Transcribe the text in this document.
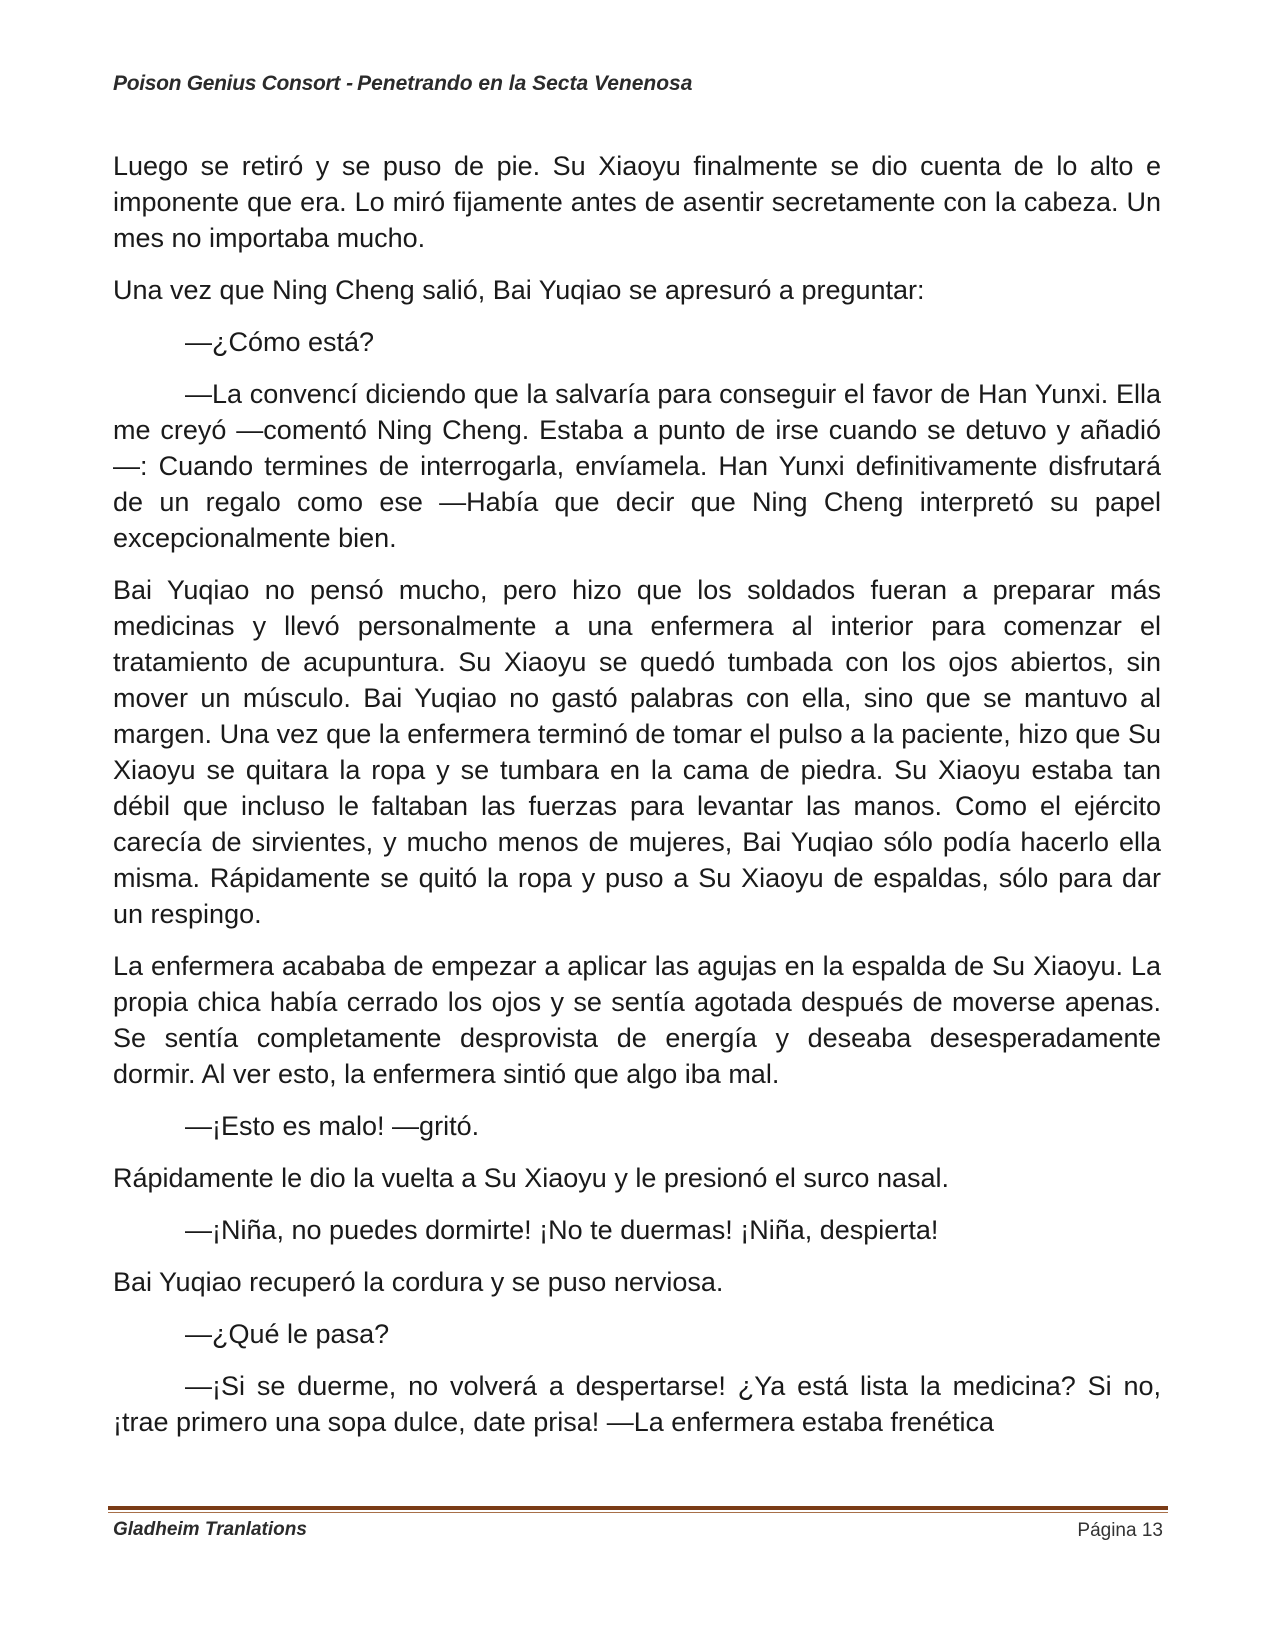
Poison Genius Consort - Penetrando en la Secta Venenosa

Luego se retiró y se puso de pie. Su Xiaoyu finalmente se dio cuenta de lo alto e imponente que era. Lo miró fijamente antes de asentir secretamente con la cabeza. Un mes no importaba mucho.

Una vez que Ning Cheng salió, Bai Yuqiao se apresuró a preguntar:

—¿Cómo está?

—La convencí diciendo que la salvaría para conseguir el favor de Han Yunxi. Ella me creyó —comentó Ning Cheng. Estaba a punto de irse cuando se detuvo y añadió—: Cuando termines de interrogarla, envíamela. Han Yunxi definitivamente disfrutará de un regalo como ese —Había que decir que Ning Cheng interpretó su papel excepcionalmente bien.

Bai Yuqiao no pensó mucho, pero hizo que los soldados fueran a preparar más medicinas y llevó personalmente a una enfermera al interior para comenzar el tratamiento de acupuntura. Su Xiaoyu se quedó tumbada con los ojos abiertos, sin mover un músculo. Bai Yuqiao no gastó palabras con ella, sino que se mantuvo al margen. Una vez que la enfermera terminó de tomar el pulso a la paciente, hizo que Su Xiaoyu se quitara la ropa y se tumbara en la cama de piedra. Su Xiaoyu estaba tan débil que incluso le faltaban las fuerzas para levantar las manos. Como el ejército carecía de sirvientes, y mucho menos de mujeres, Bai Yuqiao sólo podía hacerlo ella misma. Rápidamente se quitó la ropa y puso a Su Xiaoyu de espaldas, sólo para dar un respingo.

La enfermera acababa de empezar a aplicar las agujas en la espalda de Su Xiaoyu. La propia chica había cerrado los ojos y se sentía agotada después de moverse apenas. Se sentía completamente desprovista de energía y deseaba desesperadamente dormir. Al ver esto, la enfermera sintió que algo iba mal.

—¡Esto es malo! —gritó.

Rápidamente le dio la vuelta a Su Xiaoyu y le presionó el surco nasal.

—¡Niña, no puedes dormirte! ¡No te duermas! ¡Niña, despierta!

Bai Yuqiao recuperó la cordura y se puso nerviosa.

—¿Qué le pasa?

—¡Si se duerme, no volverá a despertarse! ¿Ya está lista la medicina? Si no, ¡trae primero una sopa dulce, date prisa! —La enfermera estaba frenética

Gladheim Tranlations	Página 13
